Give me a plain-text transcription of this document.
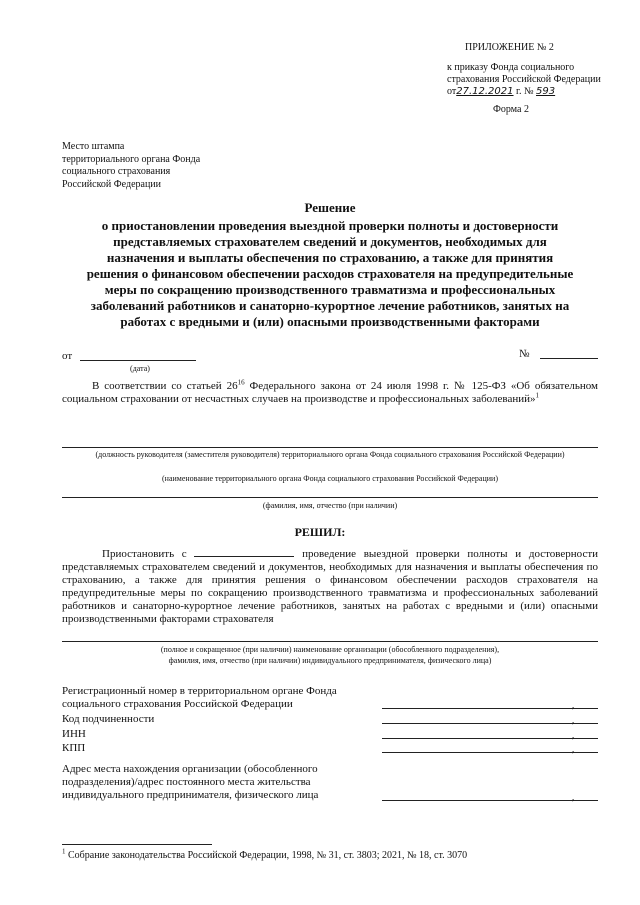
ПРИЛОЖЕНИЕ № 2
к приказу Фонда социального
страхования Российской Федерации
от27.12.2021 г. № 593
Форма 2
Место штампа
территориального органа Фонда
социального страхования
Российской Федерации
Решение
о приостановлении проведения выездной проверки полноты и достоверности
представляемых страхователем сведений и документов, необходимых для
назначения и выплаты обеспечения по страхованию, а также для принятия
решения о финансовом обеспечении расходов страхователя на предупредительные
меры по сокращению производственного травматизма и профессиональных
заболеваний работников и санаторно-курортное лечение работников, занятых на
работах с вредными и (или) опасными производственными факторами
от
(дата)
№
В соответствии со статьей $26^{16}$ Федерального закона от 24 июля 1998 г. № 125-ФЗ «Об обязательном социальном страховании от несчастных случаев на производстве и профессиональных заболеваний»$^1$
(должность руководителя (заместителя руководителя) территориального органа Фонда социального страхования Российской Федерации)
(наименование территориального органа Фонда социального страхования Российской Федерации)
(фамилия, имя, отчество (при наличии)
РЕШИЛ:
Приостановить с	проведение выездной проверки полноты и достоверности представляемых страхователем сведений и документов, необходимых для назначения и выплаты обеспечения по страхованию, а также для принятия решения о финансовом обеспечении расходов страхователя на предупредительные меры по сокращению производственного травматизма и профессиональных заболеваний работников и санаторно-курортное лечение работников, занятых на работах с вредными и (или) опасными производственными факторами страхователя
(полное и сокращенное (при наличии) наименование организации (обособленного подразделения),
фамилия, имя, отчество (при наличии) индивидуального предпринимателя, физического лица)
Регистрационный номер в территориальном органе Фонда
социального страхования Российской Федерации	,
Код подчиненности	,
ИНН	,
КПП	,
Адрес места нахождения организации (обособленного
подразделения)/адрес постоянного места жительства
индивидуального предпринимателя, физического лица	,
$^1$ Собрание законодательства Российской Федерации, 1998, № 31, ст. 3803; 2021, № 18, ст. 3070
